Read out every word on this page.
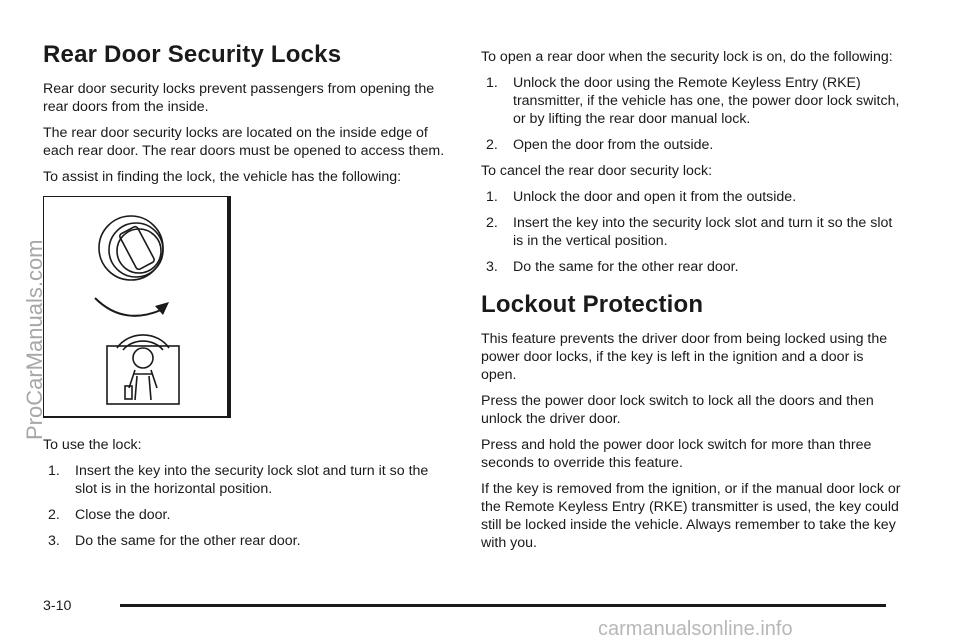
Rear Door Security Locks

Rear door security locks prevent passengers from opening the rear doors from the inside.

The rear door security locks are located on the inside edge of each rear door. The rear doors must be opened to access them.

To assist in finding the lock, the vehicle has the following:

To use the lock:

1. Insert the key into the security lock slot and turn it so the slot is in the horizontal position.
2. Close the door.
3. Do the same for the other rear door.

To open a rear door when the security lock is on, do the following:

1. Unlock the door using the Remote Keyless Entry (RKE) transmitter, if the vehicle has one, the power door lock switch, or by lifting the rear door manual lock.
2. Open the door from the outside.

To cancel the rear door security lock:

1. Unlock the door and open it from the outside.
2. Insert the key into the security lock slot and turn it so the slot is in the vertical position.
3. Do the same for the other rear door.
Lockout Protection

This feature prevents the driver door from being locked using the power door locks, if the key is left in the ignition and a door is open.

Press the power door lock switch to lock all the doors and then unlock the driver door.

Press and hold the power door lock switch for more than three seconds to override this feature.

If the key is removed from the ignition, or if the manual door lock or the Remote Keyless Entry (RKE) transmitter is used, the key could still be locked inside the vehicle. Always remember to take the key with you.

3-10
ProCarManuals.com
carmanualsonline.info
